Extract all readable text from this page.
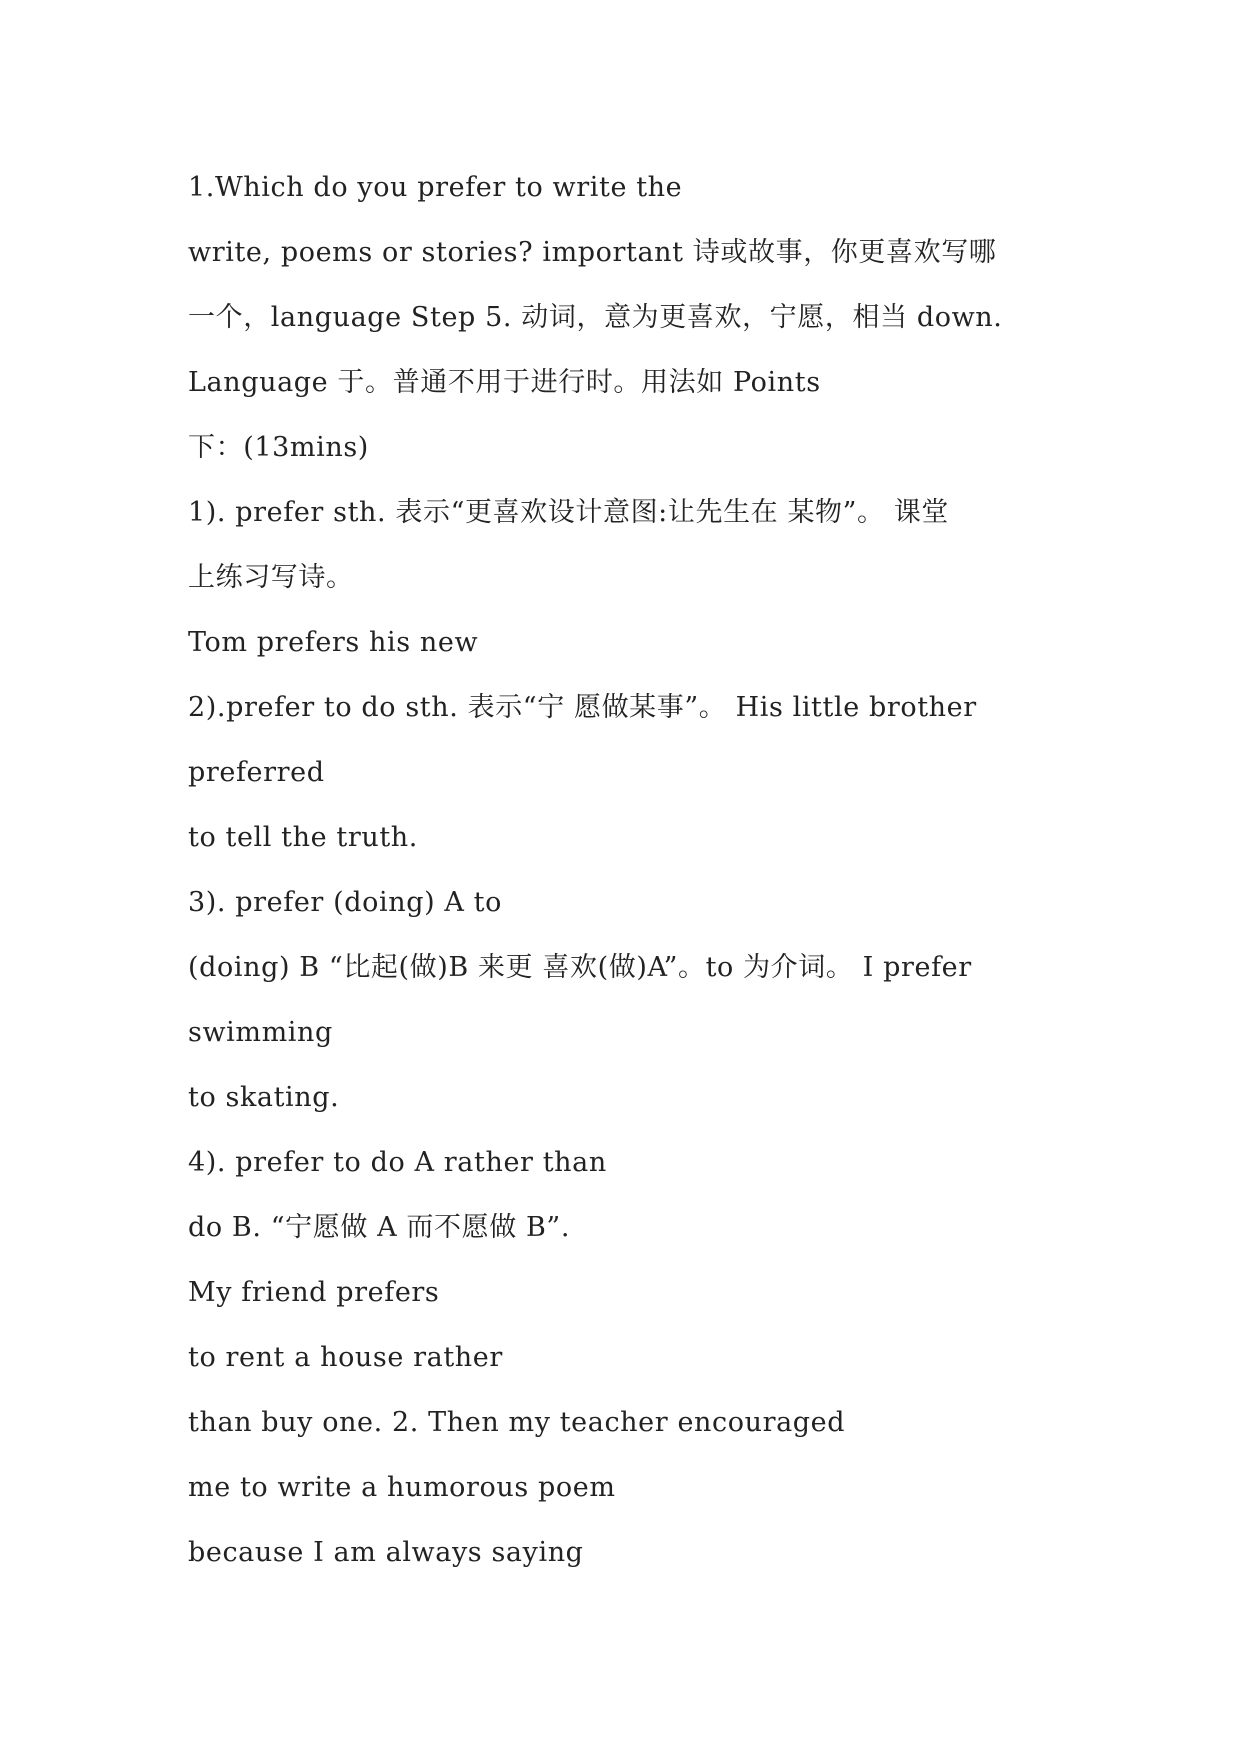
1.Which do you prefer to write the
write, poems or stories? important 诗或故事，你更喜欢写哪
一个，language Step 5. 动词，意为更喜欢，宁愿，相当 down.
Language 于。普通不用于进行时。用法如 Points
下：(13mins)
1). prefer sth. 表示“更喜欢设计意图:让先生在 某物”。 课堂
上练习写诗。
Tom prefers his new
2).prefer to do sth. 表示“宁 愿做某事”。 His little brother
preferred
to tell the truth.
3). prefer (doing) A to
(doing) B “比起(做)B 来更 喜欢(做)A”。to 为介词。 I prefer
swimming
to skating.
4). prefer to do A rather than
do B. “宁愿做 A 而不愿做 B”.
My friend prefers
to rent a house rather
than buy one. 2. Then my teacher encouraged
me to write a humorous poem
because I am always saying
